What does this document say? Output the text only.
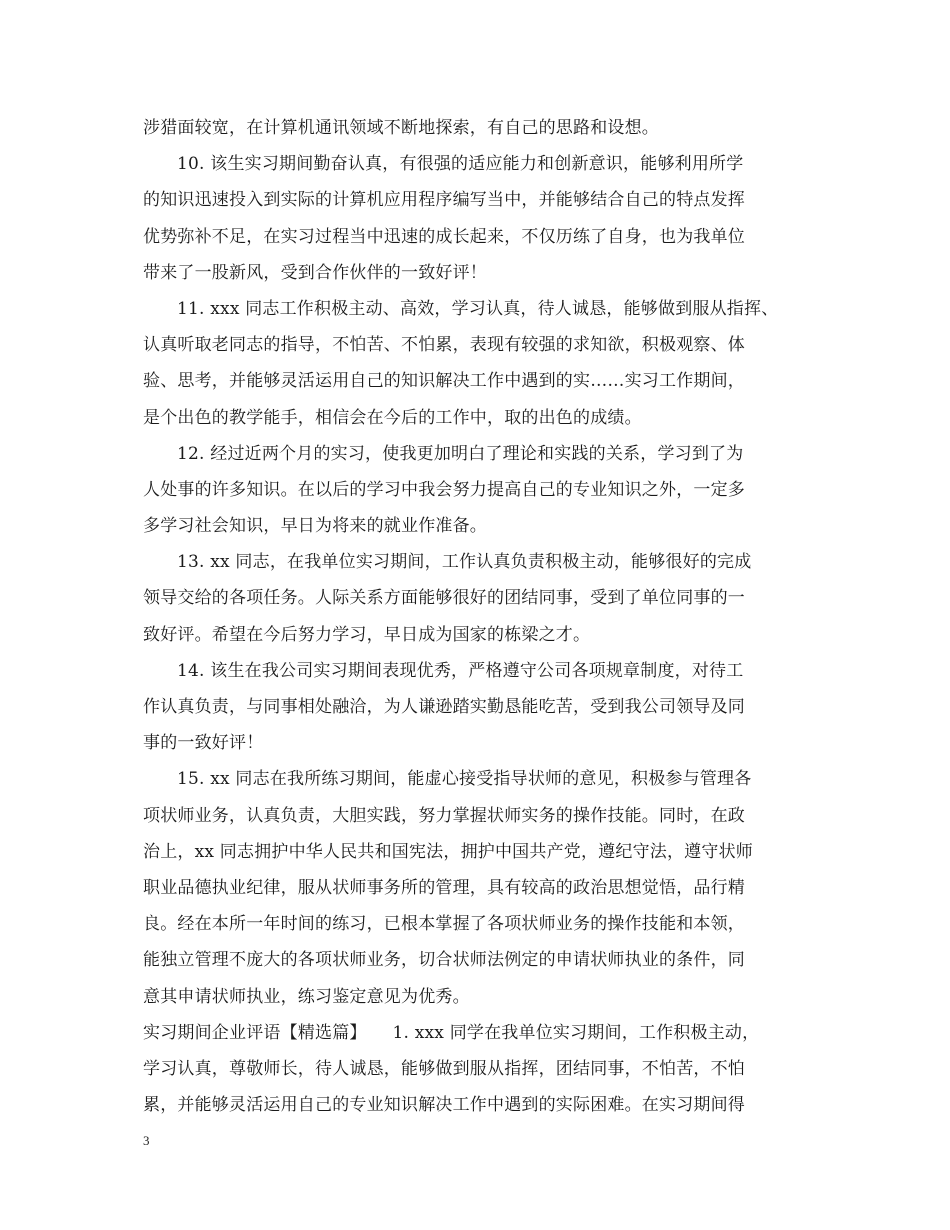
涉猎面较宽，在计算机通讯领域不断地探索，有自己的思路和设想。
10. 该生实习期间勤奋认真，有很强的适应能力和创新意识，能够利用所学
的知识迅速投入到实际的计算机应用程序编写当中，并能够结合自己的特点发挥
优势弥补不足，在实习过程当中迅速的成长起来，不仅历练了自身，也为我单位
带来了一股新风，受到合作伙伴的一致好评！
11. xxx 同志工作积极主动、高效，学习认真，待人诚恳，能够做到服从指挥、
认真听取老同志的指导，不怕苦、不怕累，表现有较强的求知欲，积极观察、体
验、思考，并能够灵活运用自己的知识解决工作中遇到的实……实习工作期间，
是个出色的教学能手，相信会在今后的工作中，取的出色的成绩。
12. 经过近两个月的实习，使我更加明白了理论和实践的关系，学习到了为
人处事的许多知识。在以后的学习中我会努力提高自己的专业知识之外，一定多
多学习社会知识，早日为将来的就业作准备。
13. xx 同志，在我单位实习期间，工作认真负责积极主动，能够很好的完成
领导交给的各项任务。人际关系方面能够很好的团结同事，受到了单位同事的一
致好评。希望在今后努力学习，早日成为国家的栋梁之才。
14. 该生在我公司实习期间表现优秀，严格遵守公司各项规章制度，对待工
作认真负责，与同事相处融洽，为人谦逊踏实勤恳能吃苦，受到我公司领导及同
事的一致好评！
15. xx 同志在我所练习期间，能虚心接受指导状师的意见，积极参与管理各
项状师业务，认真负责，大胆实践，努力掌握状师实务的操作技能。同时，在政
治上，xx 同志拥护中华人民共和国宪法，拥护中国共产党，遵纪守法，遵守状师
职业品德执业纪律，服从状师事务所的管理，具有较高的政治思想觉悟，品行精
良。经在本所一年时间的练习，已根本掌握了各项状师业务的操作技能和本领，
能独立管理不庞大的各项状师业务，切合状师法例定的申请状师执业的条件，同
意其申请状师执业，练习鉴定意见为优秀。
实习期间企业评语【精选篇】　　1. xxx 同学在我单位实习期间，工作积极主动，
学习认真，尊敬师长，待人诚恳，能够做到服从指挥，团结同事，不怕苦，不怕
累，并能够灵活运用自己的专业知识解决工作中遇到的实际困难。在实习期间得
3
